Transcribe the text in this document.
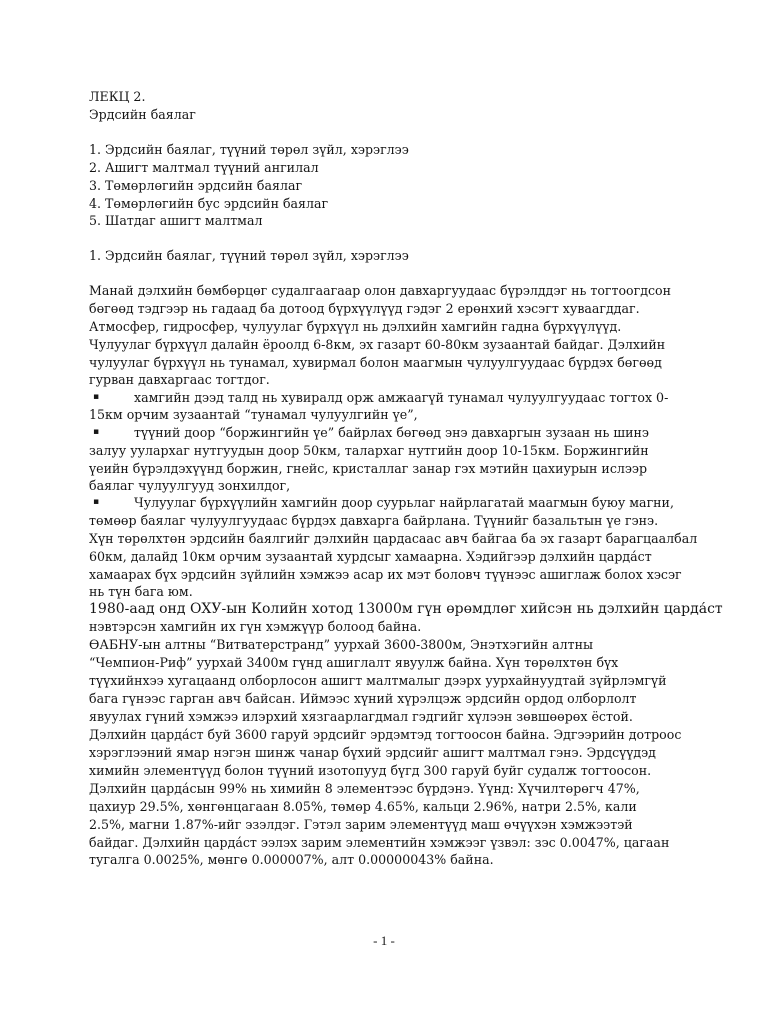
ЛЕКЦ 2.
Эрдсийн баялаг
1. Эрдсийн баялаг, түүний төрөл зүйл, хэрэглээ
2. Ашигт малтмал түүний ангилал
3. Төмөрлөгийн эрдсийн баялаг
4. Төмөрлөгийн бус эрдсийн баялаг
5. Шатдаг ашигт малтмал
1. Эрдсийн баялаг, түүний төрөл зүйл, хэрэглээ
Манай дэлхийн бөмбөрцөг судалгаагаар олон давхаргуудаас бүрэлддэг нь тогтоогдсон
бөгөөд тэдгээр нь гадаад ба дотоод бүрхүүлүүд гэдэг 2 ерөнхий хэсэгт хуваагддаг.
Атмосфер, гидросфер, чулуулаг бүрхүүл нь дэлхийн хамгийн гадна бүрхүүлүүд.
Чулуулаг бүрхүүл далайн ёроолд 6-8км, эх газарт 60-80км зузаантай байдаг. Дэлхийн
чулуулаг бүрхүүл нь тунамал, хувирмал болон маагмын чулуулгуудаас бүрдэх бөгөөд
гурван давхаргаас тогтдог.
▪	хамгийн дээд талд нь хувиралд орж амжаагүй тунамал чулуулгуудаас тогтох 0-
15км орчим зузаантай “тунамал чулуулгийн үе”,
▪	түүний доор “боржингийн үе” байрлах бөгөөд энэ давхаргын зузаан нь шинэ
залуу уулархаг нутгуудын доор 50км, талархаг нутгийн доор 10-15км. Боржингийн
үеийн бүрэлдэхүүнд боржин, гнейс, кристаллаг занар гэх мэтийн цахиурын ислээр
баялаг чулуулгууд зонхилдог,
▪	Чулуулаг бүрхүүлийн хамгийн доор суурьлаг найрлагатай маагмын буюу магни,
төмөөр баялаг чулуулгуудаас бүрдэх давхарга байрлана. Түүнийг базальтын үе гэнэ.
Хүн төрөлхтөн эрдсийн баялгийг дэлхийн цардасаас авч байгаа ба эх газарт барагцаалбал
60км, далайд 10км орчим зузаантай хурдсыг хамаарна. Хэдийгээр дэлхийн царда́ст
хамаарах бүх эрдсийн зүйлийн хэмжээ асар их мэт боловч түүнээс ашиглаж болох хэсэг
нь түн бага юм.
1980-аад онд ОХУ-ын Колийн хотод 13000м гүн өрөмдлөг хийсэн нь дэлхийн царда́ст
нэвтэрсэн хамгийн их гүн хэмжүүр болоод байна.
ӨАБНУ-ын алтны “Витватерстранд” уурхай 3600-3800м, Энэтхэгийн алтны
“Чемпион-Риф” уурхай 3400м гүнд ашиглалт явуулж байна. Хүн төрөлхтөн бүх
түүхийнхээ хугацаанд олборлосон ашигт малтмалыг дээрх уурхайнуудтай зүйрлэмгүй
бага гүнээс гарган авч байсан. Иймээс хүний хүрэлцэж эрдсийн ордод олборлолт
явуулах гүний хэмжээ илэрхий хязгаарлагдмал гэдгийг хүлээн зөвшөөрөх ёстой.
Дэлхийн царда́ст буй 3600 гаруй эрдсийг эрдэмтэд тогтоосон байна. Эдгээрийн дотроос
хэрэглээний ямар нэгэн шинж чанар бүхий эрдсийг ашигт малтмал гэнэ. Эрдсүүдэд
химийн элементүүд болон түүний изотопууд бүгд 300 гаруй буйг судалж тогтоосон.
Дэлхийн царда́сын 99% нь химийн 8 элементээс бүрдэнэ. Үүнд: Хүчилтөрөгч 47%,
цахиур 29.5%, хөнгөнцагаан 8.05%, төмөр 4.65%, кальци 2.96%, натри 2.5%, кали
2.5%, магни 1.87%-ийг эзэлдэг. Гэтэл зарим элементүүд маш өчүүхэн хэмжээтэй
байдаг. Дэлхийн царда́ст ээлэх зарим элементийн хэмжээг үзвэл: зэс 0.0047%, цагаан
тугалга 0.0025%, мөнгө 0.000007%, алт 0.00000043% байна.
- 1 -
